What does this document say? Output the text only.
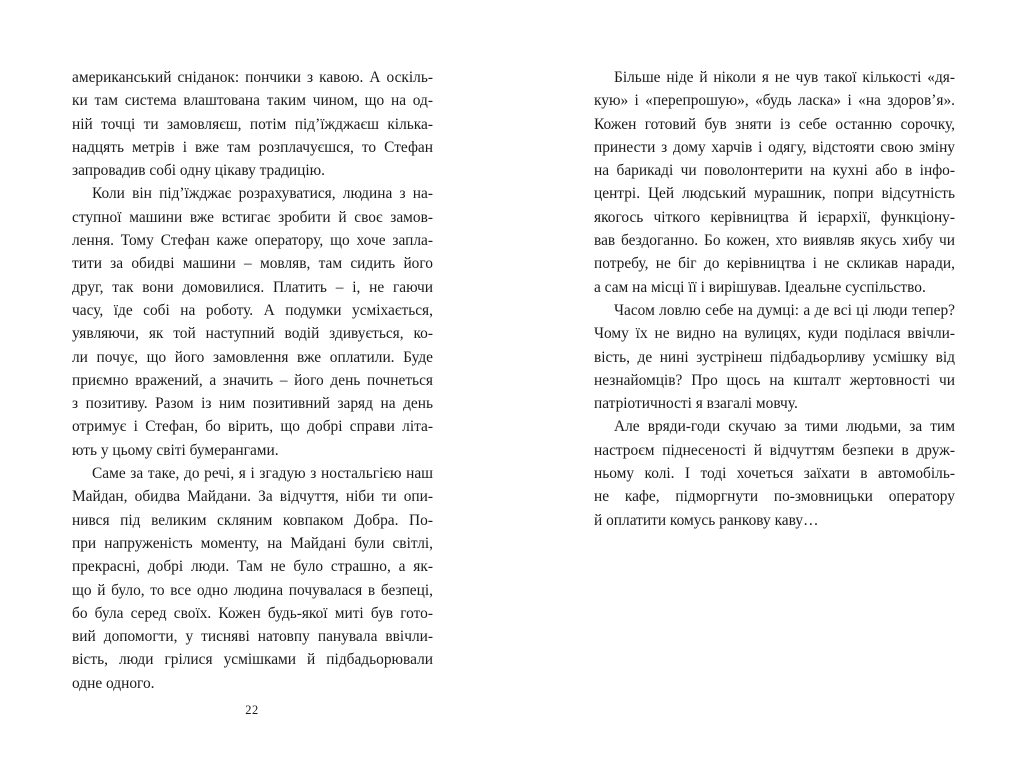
американський сніданок: пончики з кавою. А оскіль-
ки там система влаштована таким чином, що на од-
ній точці ти замовляєш, потім під’їжджаєш кілька-
надцять метрів і вже там розплачуєшся, то Стефан
запровадив собі одну цікаву традицію.

Коли він під’їжджає розрахуватися, людина з на-
ступної машини вже встигає зробити й своє замов-
лення. Тому Стефан каже оператору, що хоче запла-
тити за обидві машини – мовляв, там сидить його
друг, так вони домовилися. Платить – і, не гаючи
часу, їде собі на роботу. А подумки усміхається,
уявляючи, як той наступний водій здивується, ко-
ли почує, що його замовлення вже оплатили. Буде
приємно вражений, а значить – його день почнеться
з позитиву. Разом із ним позитивний заряд на день
отримує і Стефан, бо вірить, що добрі справи літа-
ють у цьому світі бумерангами.

Саме за таке, до речі, я і згадую з ностальгією наш
Майдан, обидва Майдани. За відчуття, ніби ти опи-
нився під великим скляним ковпаком Добра. По-
при напруженість моменту, на Майдані були світлі,
прекрасні, добрі люди. Там не було страшно, а як-
що й було, то все одно людина почувалася в безпеці,
бо була серед своїх. Кожен будь-якої миті був гото-
вий допомогти, у тисняві натовпу панувала ввічли-
вість, люди грілися усмішками й підбадьорювали
одне одного.

22

Більше ніде й ніколи я не чув такої кількості «дя-
кую» і «перепрошую», «будь ласка» і «на здоров’я».
Кожен готовий був зняти із себе останню сорочку,
принести з дому харчів і одягу, відстояти свою зміну
на барикаді чи поволонтерити на кухні або в інфо-
центрі. Цей людський мурашник, попри відсутність
якогось чіткого керівництва й ієрархії, функціону-
вав бездоганно. Бо кожен, хто виявляв якусь хибу чи
потребу, не біг до керівництва і не скликав наради,
а сам на місці її і вирішував. Ідеальне суспільство.

Часом ловлю себе на думці: а де всі ці люди тепер?
Чому їх не видно на вулицях, куди поділася ввічли-
вість, де нині зустрінеш підбадьорливу усмішку від
незнайомців? Про щось на кшталт жертовності чи
патріотичності я взагалі мовчу.

Але вряди-годи скучаю за тими людьми, за тим
настроєм піднесеності й відчуттям безпеки в друж-
ньому колі. І тоді хочеться заїхати в автомобіль-
не кафе, підморгнути по-змовницьки оператору
й оплатити комусь ранкову каву…
